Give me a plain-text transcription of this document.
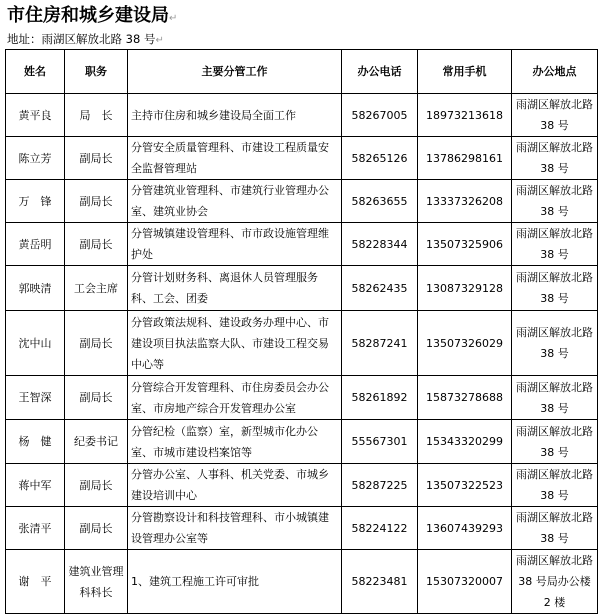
市住房和城乡建设局↵
地址：雨湖区解放北路 38 号↵
姓名	职务	主要分管工作	办公电话	常用手机	办公地点
黄平良	局　长	主持市住房和城乡建设局全面工作	58267005	18973213618	雨湖区解放北路 38 号
陈立芳	副局长	分管安全质量管理科、市建设工程质量安全监督管理站	58265126	13786298161	雨湖区解放北路 38 号
万　锋	副局长	分管建筑业管理科、市建筑行业管理办公室、建筑业协会	58263655	13337326208	雨湖区解放北路 38 号
黄岳明	副局长	分管城镇建设管理科、市市政设施管理维护处	58228344	13507325906	雨湖区解放北路 38 号
郭映清	工会主席	分管计划财务科、离退休人员管理服务科、工会、团委	58262435	13087329128	雨湖区解放北路 38 号
沈中山	副局长	分管政策法规科、建设政务办理中心、市建设项目执法监察大队、市建设工程交易中心等	58287241	13507326029	雨湖区解放北路 38 号
王智深	副局长	分管综合开发管理科、市住房委员会办公室、市房地产综合开发管理办公室	58261892	15873278688	雨湖区解放北路 38 号
杨　健	纪委书记	分管纪检（监察）室，新型城市化办公室、市城市建设档案馆等	55567301	15343320299	雨湖区解放北路 38 号
蒋中军	副局长	分管办公室、人事科、机关党委、市城乡建设培训中心	58287225	13507322523	雨湖区解放北路 38 号
张清平	副局长	分管勘察设计和科技管理科、市小城镇建设管理办公室等	58224122	13607439293	雨湖区解放北路 38 号
谢　平	建筑业管理科科长	1、建筑工程施工许可审批	58223481	15307320007	雨湖区解放北路 38 号局办公楼 2 楼
